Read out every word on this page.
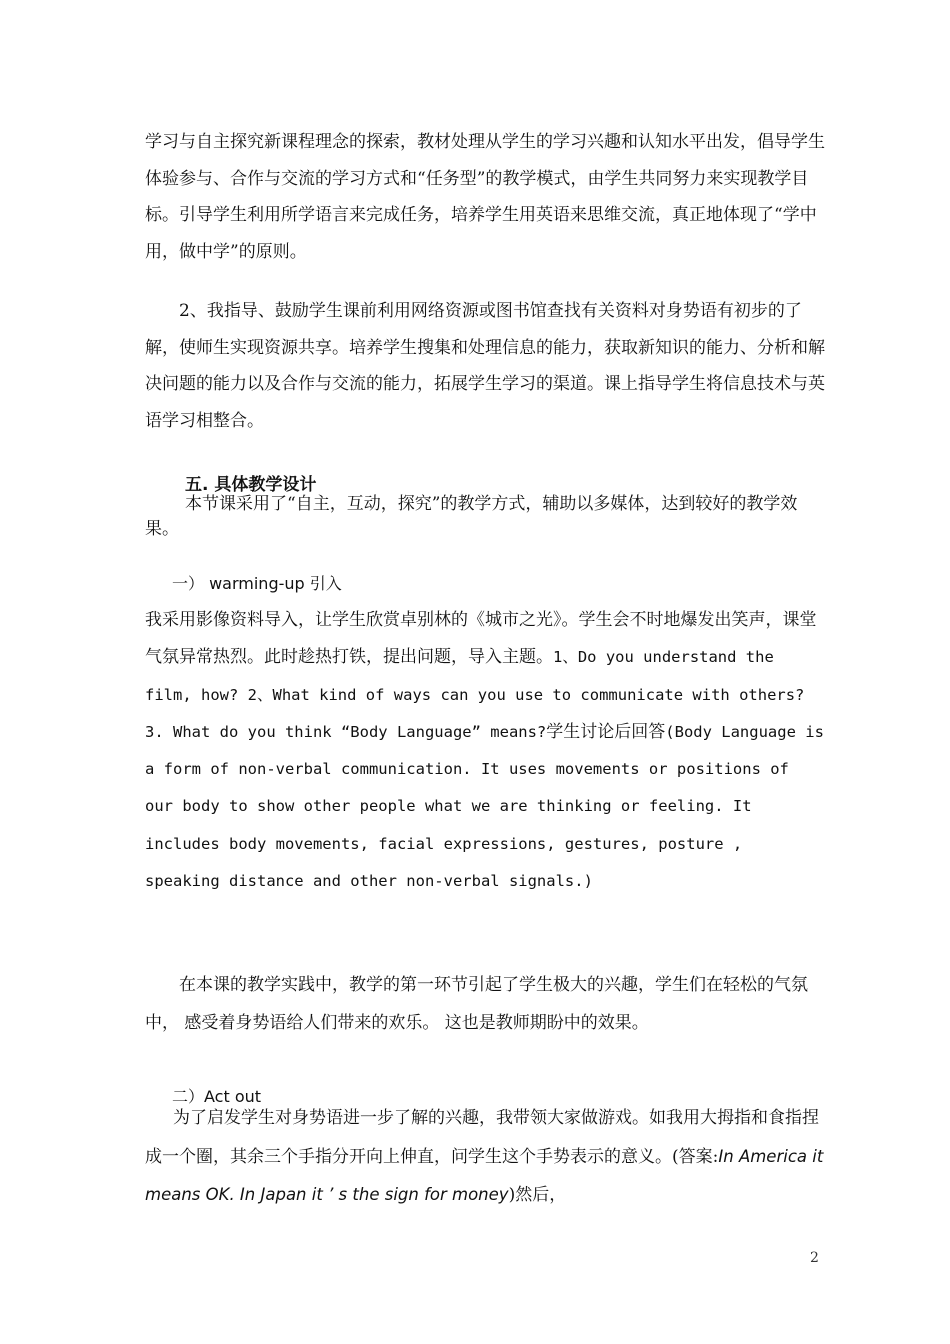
学习与自主探究新课程理念的探索，教材处理从学生的学习兴趣和认知水平出发，倡导学生体验参与、合作与交流的学习方式和“任务型”的教学模式，由学生共同努力来实现教学目标。引导学生利用所学语言来完成任务，培养学生用英语来思维交流，真正地体现了“学中用，做中学”的原则。
2、我指导、鼓励学生课前利用网络资源或图书馆查找有关资料对身势语有初步的了解，使师生实现资源共享。培养学生搜集和处理信息的能力，获取新知识的能力、分析和解决问题的能力以及合作与交流的能力，拓展学生学习的渠道。课上指导学生将信息技术与英语学习相整合。
五. 具体教学设计
本节课采用了“自主，互动，探究”的教学方式，辅助以多媒体，达到较好的教学效果。
一） warming-up 引入
我采用影像资料导入，让学生欣赏卓别林的《城市之光》。学生会不时地爆发出笑声，课堂气氛异常热烈。此时趁热打铁，提出问题，导入主题。1、Do you understand the film, how? 2、What kind of ways can you use to communicate with others? 3. What do you think “Body Language” means?学生讨论后回答(Body Language is a form of non-verbal communication. It uses movements or positions of our body to show other people what we are thinking or feeling. It includes body movements, facial expressions, gestures, posture , speaking distance and other non-verbal signals.)
在本课的教学实践中，教学的第一环节引起了学生极大的兴趣，学生们在轻松的气氛中， 感受着身势语给人们带来的欢乐。 这也是教师期盼中的效果。
二）Act out
为了启发学生对身势语进一步了解的兴趣，我带领大家做游戏。如我用大拇指和食指捏成一个圈，其余三个手指分开向上伸直，问学生这个手势表示的意义。(答案:In America it means OK. In Japan it ’ s the sign for money)然后，
2
